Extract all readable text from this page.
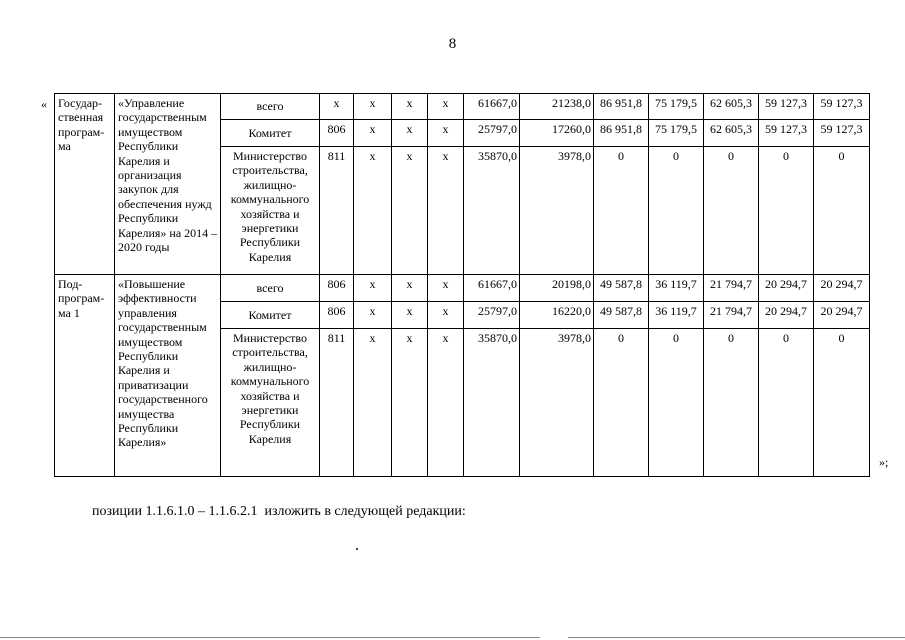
8
« Государ-ственная програм-ма	«Управление государственным имуществом Республики Карелия и организация закупок для обеспечения нужд Республики Карелия» на 2014 – 2020 годы	всего	x	x	x	x	61667,0	21238,0	86 951,8	75 179,5	62 605,3	59 127,3	59 127,3
		Комитет	806	x	x	x	25797,0	17260,0	86 951,8	75 179,5	62 605,3	59 127,3	59 127,3
		Министерство строительства, жилищно-коммунального хозяйства и энергетики Республики Карелия	811	x	x	x	35870,0	3978,0	0	0	0	0	0
Под-програм-ма 1	«Повышение эффективности управления государственным имуществом Республики Карелия и приватизации государственного имущества Республики Карелия»	всего	806	x	x	x	61667,0	20198,0	49 587,8	36 119,7	21 794,7	20 294,7	20 294,7
		Комитет	806	x	x	x	25797,0	16220,0	49 587,8	36 119,7	21 794,7	20 294,7	20 294,7
		Министерство строительства, жилищно-коммунального хозяйства и энергетики Республики Карелия	811	x	x	x	35870,0	3978,0	0	0	0	0	0
»;
позиции 1.1.6.1.0 – 1.1.6.2.1  изложить в следующей редакции:
